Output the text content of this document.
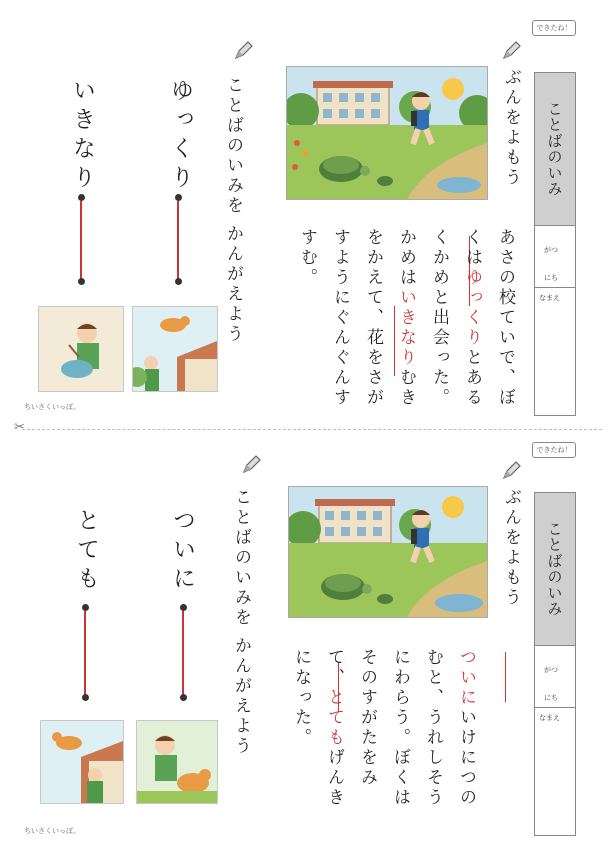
できたね！
ことばのいみ
がつ
にち
なまえ
ぶんをよもう
あさの校ていで、ぼくはゆっくりとあるくかめと出会った。かめはいきなりむきをかえて、花をさがすようにぐんぐんすすむ。
ことばのいみを かんがえよう
ゆっくり
いきなり
ちいさくいっぽ。
✂
できたね！
ことばのいみ
がつ
にち
なまえ
ぶんをよもう
ついにいけにつのむと、うれしそうにわらう。ぼくはそのすがたをみて、とてもげんきになった。
ことばのいみを かんがえよう
ついに
とても
ちいさくいっぽ。
